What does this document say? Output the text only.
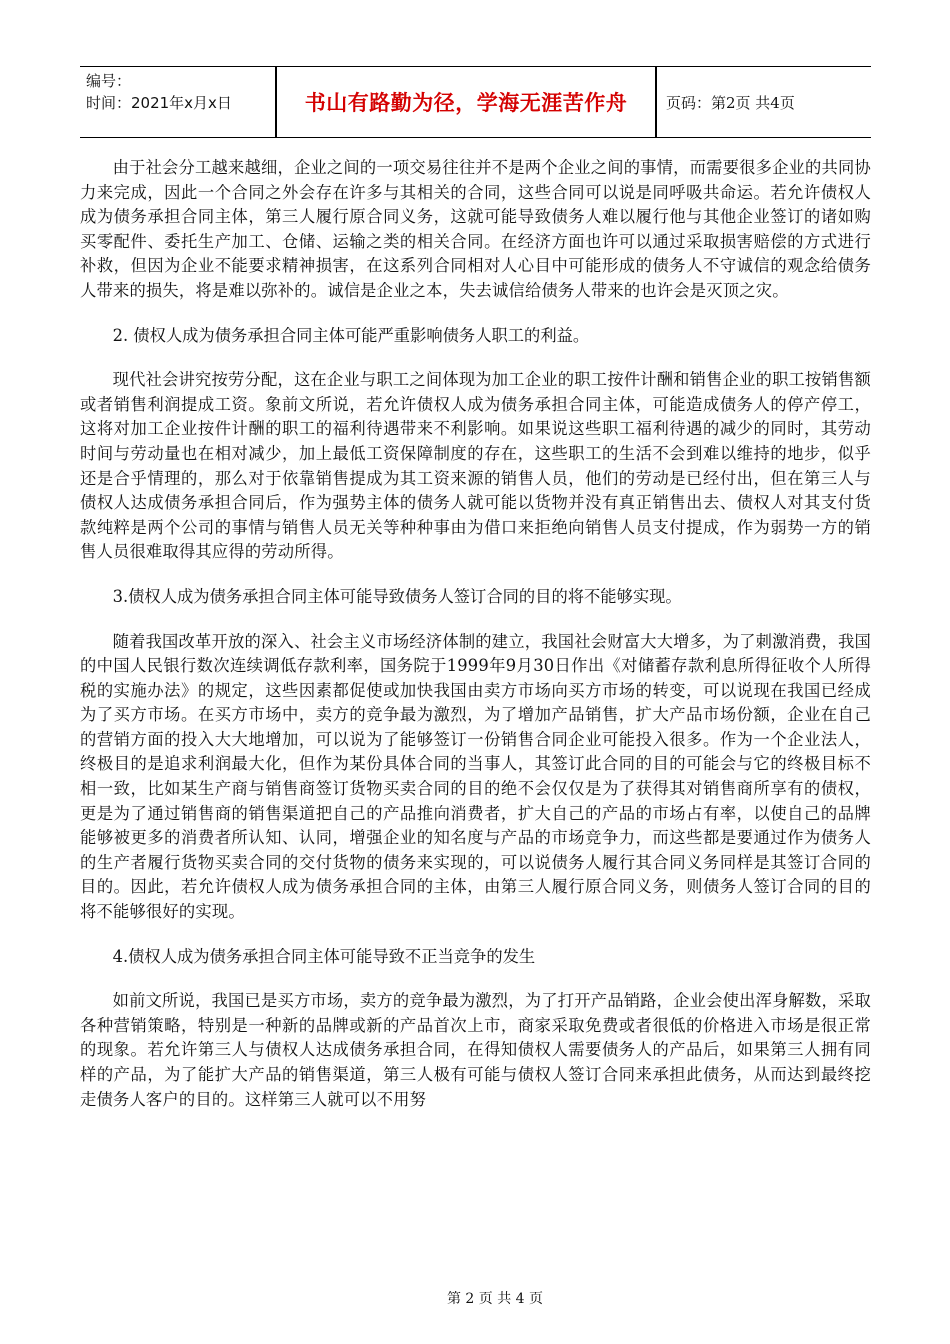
编号：
时间：2021年x月x日	书山有路勤为径，学海无涯苦作舟	页码：第2页 共4页

由于社会分工越来越细，企业之间的一项交易往往并不是两个企业之间的事情，而需要很多企业的共同协力来完成，因此一个合同之外会存在许多与其相关的合同，这些合同可以说是同呼吸共命运。若允许债权人成为债务承担合同主体，第三人履行原合同义务，这就可能导致债务人难以履行他与其他企业签订的诸如购买零配件、委托生产加工、仓储、运输之类的相关合同。在经济方面也许可以通过采取损害赔偿的方式进行补救，但因为企业不能要求精神损害，在这系列合同相对人心目中可能形成的债务人不守诚信的观念给债务人带来的损失，将是难以弥补的。诚信是企业之本，失去诚信给债务人带来的也许会是灭顶之灾。

2. 债权人成为债务承担合同主体可能严重影响债务人职工的利益。

现代社会讲究按劳分配，这在企业与职工之间体现为加工企业的职工按件计酬和销售企业的职工按销售额或者销售利润提成工资。象前文所说，若允许债权人成为债务承担合同主体，可能造成债务人的停产停工，这将对加工企业按件计酬的职工的福利待遇带来不利影响。如果说这些职工福利待遇的减少的同时，其劳动时间与劳动量也在相对减少，加上最低工资保障制度的存在，这些职工的生活不会到难以维持的地步，似乎还是合乎情理的，那么对于依靠销售提成为其工资来源的销售人员，他们的劳动是已经付出，但在第三人与债权人达成债务承担合同后，作为强势主体的债务人就可能以货物并没有真正销售出去、债权人对其支付货款纯粹是两个公司的事情与销售人员无关等种种事由为借口来拒绝向销售人员支付提成，作为弱势一方的销售人员很难取得其应得的劳动所得。

3.债权人成为债务承担合同主体可能导致债务人签订合同的目的将不能够实现。

随着我国改革开放的深入、社会主义市场经济体制的建立，我国社会财富大大增多，为了刺激消费，我国的中国人民银行数次连续调低存款利率，国务院于1999年9月30日作出《对储蓄存款利息所得征收个人所得税的实施办法》的规定，这些因素都促使或加快我国由卖方市场向买方市场的转变，可以说现在我国已经成为了买方市场。在买方市场中，卖方的竞争最为激烈，为了增加产品销售，扩大产品市场份额，企业在自己的营销方面的投入大大地增加，可以说为了能够签订一份销售合同企业可能投入很多。作为一个企业法人，终极目的是追求利润最大化，但作为某份具体合同的当事人，其签订此合同的目的可能会与它的终极目标不相一致，比如某生产商与销售商签订货物买卖合同的目的绝不会仅仅是为了获得其对销售商所享有的债权，更是为了通过销售商的销售渠道把自己的产品推向消费者，扩大自己的产品的市场占有率，以使自己的品牌能够被更多的消费者所认知、认同，增强企业的知名度与产品的市场竞争力，而这些都是要通过作为债务人的生产者履行货物买卖合同的交付货物的债务来实现的，可以说债务人履行其合同义务同样是其签订合同的目的。因此，若允许债权人成为债务承担合同的主体，由第三人履行原合同义务，则债务人签订合同的目的将不能够很好的实现。

4.债权人成为债务承担合同主体可能导致不正当竞争的发生

如前文所说，我国已是买方市场，卖方的竞争最为激烈，为了打开产品销路，企业会使出浑身解数，采取各种营销策略，特别是一种新的品牌或新的产品首次上市，商家采取免费或者很低的价格进入市场是很正常的现象。若允许第三人与债权人达成债务承担合同，在得知债权人需要债务人的产品后，如果第三人拥有同样的产品，为了能扩大产品的销售渠道，第三人极有可能与债权人签订合同来承担此债务，从而达到最终挖走债务人客户的目的。这样第三人就可以不用努

第 2 页 共 4 页
